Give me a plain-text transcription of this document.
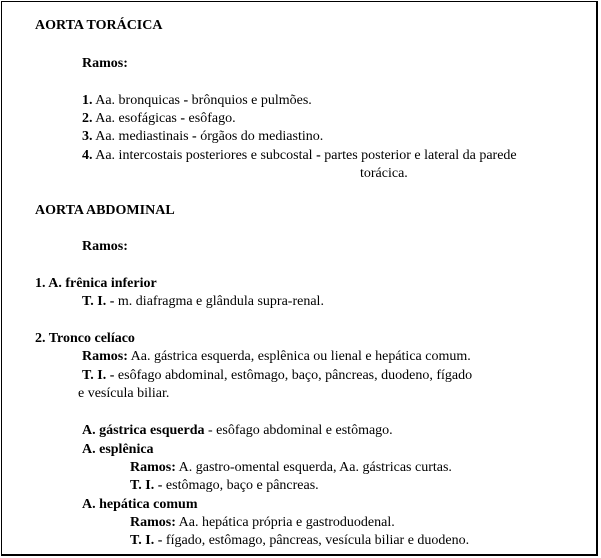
AORTA TORÁCICA
Ramos:
1. Aa. bronquicas - brônquios e pulmões.
2. Aa. esofágicas - esôfago.
3. Aa. mediastinais - órgãos do mediastino.
4. Aa. intercostais posteriores e subcostal - partes posterior e lateral da parede
torácica.
AORTA ABDOMINAL
Ramos:
1. A. frênica inferior
T. I. - m. diafragma e glândula supra-renal.
2. Tronco celíaco
Ramos: Aa. gástrica esquerda, esplênica ou lienal e hepática comum.
T. I. - esôfago abdominal, estômago, baço, pâncreas, duodeno, fígado
e vesícula biliar.
A. gástrica esquerda - esôfago abdominal e estômago.
A. esplênica
Ramos: A. gastro-omental esquerda, Aa. gástricas curtas.
T. I. - estômago, baço e pâncreas.
A. hepática comum
Ramos: Aa. hepática própria e gastroduodenal.
T. I. - fígado, estômago, pâncreas, vesícula biliar e duodeno.
